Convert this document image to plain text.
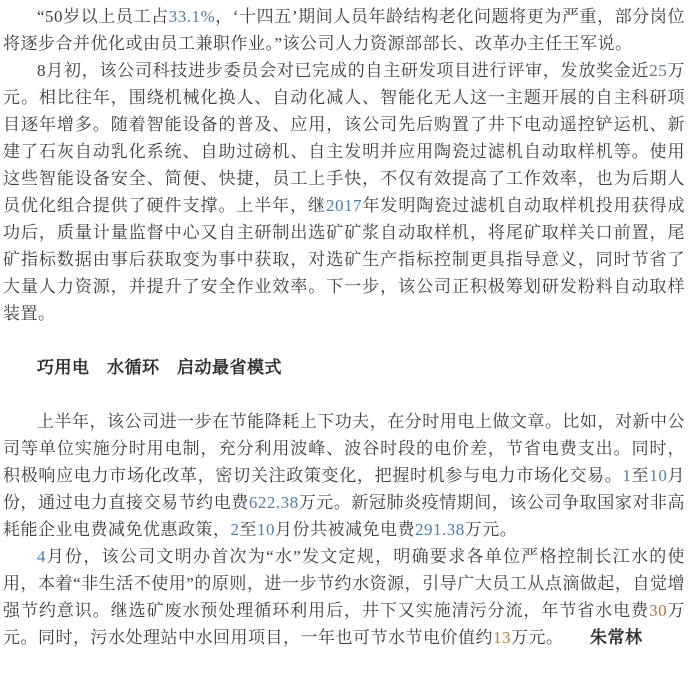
“50岁以上员工占33.1%，‘十四五’期间人员年龄结构老化问题将更为严重，部分岗位将逐步合并优化或由员工兼职作业。”该公司人力资源部部长、改革办主任王军说。

8月初，该公司科技进步委员会对已完成的自主研发项目进行评审，发放奖金近25万元。相比往年，围绕机械化换人、自动化减人、智能化无人这一主题开展的自主科研项目逐年增多。随着智能设备的普及、应用，该公司先后购置了井下电动遥控铲运机、新建了石灰自动乳化系统、自助过磅机、自主发明并应用陶瓷过滤机自动取样机等。使用这些智能设备安全、简便、快捷，员工上手快，不仅有效提高了工作效率，也为后期人员优化组合提供了硬件支撑。上半年，继2017年发明陶瓷过滤机自动取样机投用获得成功后，质量计量监督中心又自主研制出选矿矿浆自动取样机，将尾矿取样关口前置，尾矿指标数据由事后获取变为事中获取，对选矿生产指标控制更具指导意义，同时节省了大量人力资源，并提升了安全作业效率。下一步，该公司正积极筹划研发粉料自动取样装置。

巧用电　水循环　启动最省模式

上半年，该公司进一步在节能降耗上下功夫，在分时用电上做文章。比如，对新中公司等单位实施分时用电制，充分利用波峰、波谷时段的电价差，节省电费支出。同时，积极响应电力市场化改革，密切关注政策变化，把握时机参与电力市场化交易。1至10月份，通过电力直接交易节约电费622.38万元。新冠肺炎疫情期间，该公司争取国家对非高耗能企业电费减免优惠政策，2至10月份共被减免电费291.38万元。

4月份，该公司文明办首次为“水”发文定规，明确要求各单位严格控制长江水的使用，本着“非生活不使用”的原则，进一步节约水资源，引导广大员工从点滴做起，自觉增强节约意识。继选矿废水预处理循环利用后，井下又实施清污分流，年节省水电费30万元。同时，污水处理站中水回用项目，一年也可节水节电价值约13万元。　　 朱常林
